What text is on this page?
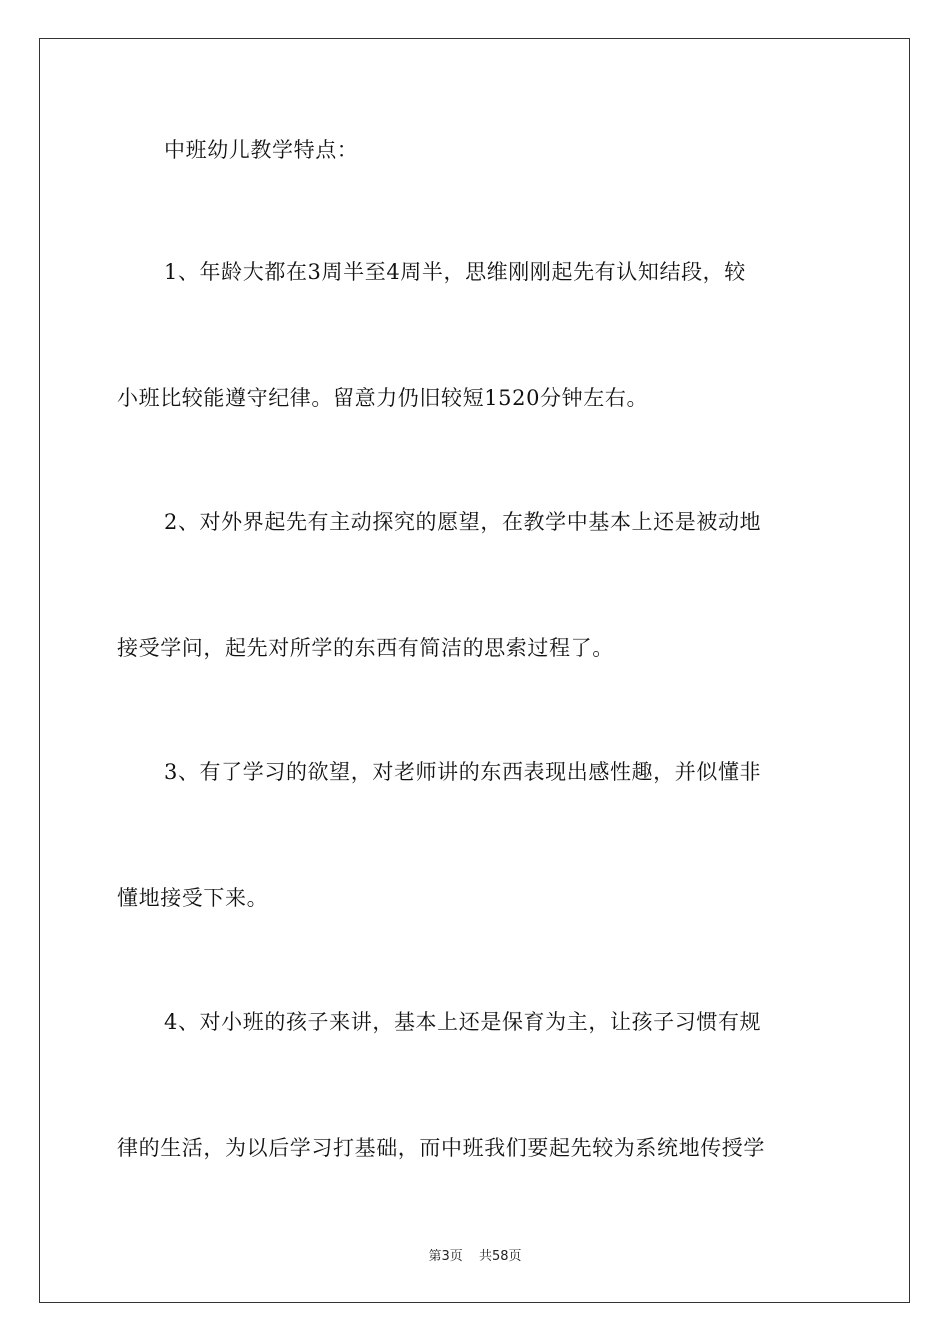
中班幼儿教学特点：
1、年龄大都在3周半至4周半，思维刚刚起先有认知结段，较
小班比较能遵守纪律。留意力仍旧较短1520分钟左右。
2、对外界起先有主动探究的愿望，在教学中基本上还是被动地
接受学问，起先对所学的东西有简洁的思索过程了。
3、有了学习的欲望，对老师讲的东西表现出感性趣，并似懂非
懂地接受下来。
4、对小班的孩子来讲，基本上还是保育为主，让孩子习惯有规
律的生活，为以后学习打基础，而中班我们要起先较为系统地传授学
第3页 共58页
